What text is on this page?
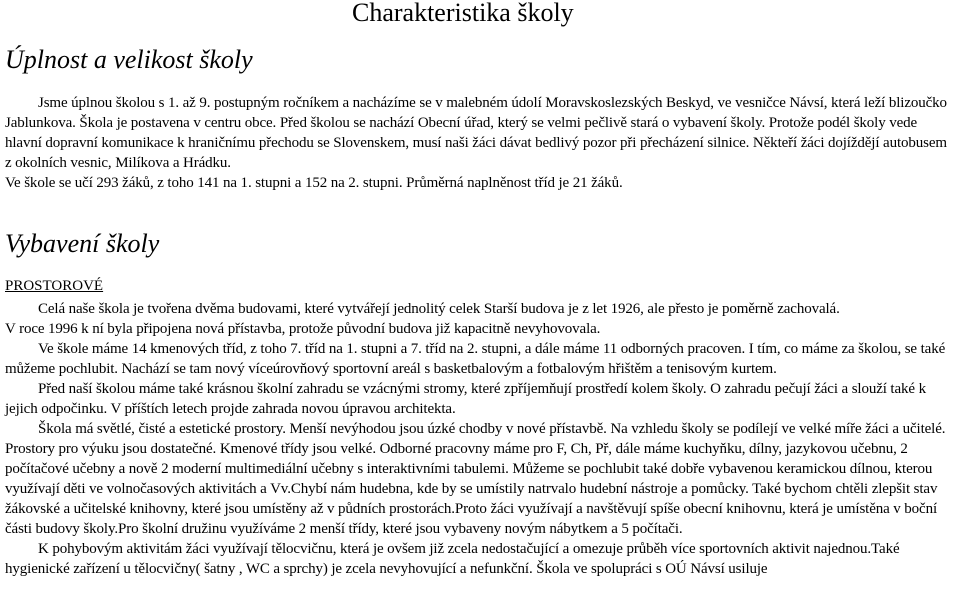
Charakteristika školy
Úplnost a velikost školy

Jsme úplnou školou s 1. až 9. postupným ročníkem a nacházíme se v malebném údolí Moravskoslezských Beskyd, ve vesničce Návsí, která leží blizoučko Jablunkova. Škola je postavena v centru obce. Před školou se nachází Obecní úřad, který se velmi pečlivě stará o vybavení školy. Protože podél školy vede hlavní dopravní komunikace k hraničnímu přechodu se Slovenskem, musí naši žáci dávat bedlivý pozor při přecházení silnice. Někteří žáci dojíždějí autobusem z okolních vesnic, Milíkova a Hrádku.

Ve škole se učí 293 žáků, z toho 141 na 1. stupni a 152 na 2. stupni. Průměrná naplněnost tříd je 21 žáků.

Vybavení školy
PROSTOROVÉ

Celá naše škola je tvořena dvěma budovami, které vytvářejí jednolitý celek Starší budova je z let 1926, ale přesto je poměrně zachovalá.

V roce 1996 k ní byla připojena nová přístavba, protože původní budova již kapacitně nevyhovovala.

Ve škole máme 14 kmenových tříd, z toho 7. tříd na 1. stupni a 7. tříd na 2. stupni, a dále máme 11 odborných pracoven. I tím, co máme za školou, se také můžeme pochlubit. Nachází se tam nový víceúrovňový sportovní areál s basketbalovým a fotbalovým hřištěm a tenisovým kurtem.

Před naší školou máme také krásnou školní zahradu se vzácnými stromy, které zpříjemňují prostředí kolem školy. O zahradu pečují žáci a slouží také k jejich odpočinku. V příštích letech projde zahrada novou úpravou architekta.

Škola má světlé, čisté a estetické prostory. Menší nevýhodou jsou úzké chodby v nové přístavbě. Na vzhledu školy se podílejí ve velké míře žáci a učitelé. Prostory pro výuku jsou dostatečné. Kmenové třídy jsou velké. Odborné pracovny máme pro F, Ch, Př, dále máme kuchyňku, dílny, jazykovou učebnu, 2 počítačové učebny a nově 2 moderní multimediální učebny s interaktivními tabulemi. Můžeme se pochlubit také dobře vybavenou keramickou dílnou, kterou využívají děti ve volnočasových aktivitách a Vv.Chybí nám hudebna, kde by se umístily natrvalo hudební nástroje a pomůcky. Také bychom chtěli zlepšit stav žákovské a učitelské knihovny, které jsou umístěny až v půdních prostorách.Proto žáci využívají a navštěvují spíše obecní knihovnu, která je umístěna v boční části budovy školy.Pro školní družinu využíváme 2 menší třídy, které jsou vybaveny novým nábytkem a 5 počítači.

K pohybovým aktivitám žáci využívají tělocvičnu, která je ovšem již zcela nedostačující a omezuje průběh více sportovních aktivit najednou.Také hygienické zařízení u tělocvičny( šatny , WC a sprchy) je zcela nevyhovující a nefunkční. Škola ve spolupráci s OÚ Návsí usiluje
